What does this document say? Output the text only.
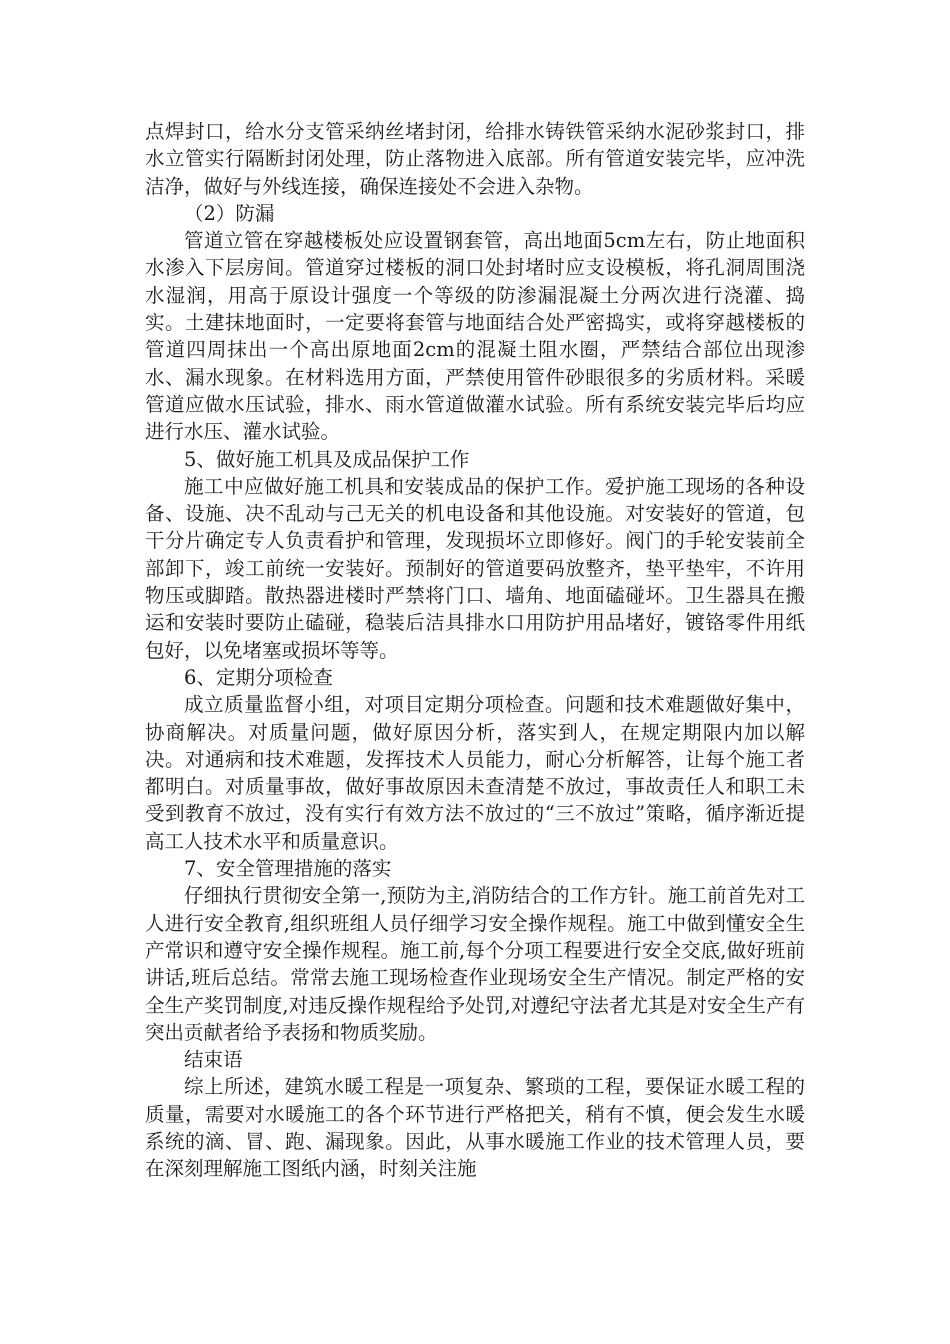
点焊封口，给水分支管采纳丝堵封闭，给排水铸铁管采纳水泥砂浆封口，排水立管实行隔断封闭处理，防止落物进入底部。所有管道安装完毕，应冲洗洁净，做好与外线连接，确保连接处不会进入杂物。

（2）防漏

管道立管在穿越楼板处应设置钢套管，高出地面5cm左右，防止地面积水渗入下层房间。管道穿过楼板的洞口处封堵时应支设模板，将孔洞周围浇水湿润，用高于原设计强度一个等级的防渗漏混凝土分两次进行浇灌、捣实。土建抹地面时，一定要将套管与地面结合处严密捣实，或将穿越楼板的管道四周抹出一个高出原地面2cm的混凝土阻水圈，严禁结合部位出现渗水、漏水现象。在材料选用方面，严禁使用管件砂眼很多的劣质材料。采暖管道应做水压试验，排水、雨水管道做灌水试验。所有系统安装完毕后均应进行水压、灌水试验。

5、做好施工机具及成品保护工作

施工中应做好施工机具和安装成品的保护工作。爱护施工现场的各种设备、设施、决不乱动与己无关的机电设备和其他设施。对安装好的管道，包干分片确定专人负责看护和管理，发现损坏立即修好。阀门的手轮安装前全部卸下，竣工前统一安装好。预制好的管道要码放整齐，垫平垫牢，不许用物压或脚踏。散热器进楼时严禁将门口、墙角、地面磕碰坏。卫生器具在搬运和安装时要防止磕碰，稳装后洁具排水口用防护用品堵好，镀铬零件用纸包好，以免堵塞或损坏等等。

6、定期分项检查

成立质量监督小组，对项目定期分项检查。问题和技术难题做好集中，协商解决。对质量问题，做好原因分析，落实到人，在规定期限内加以解决。对通病和技术难题，发挥技术人员能力，耐心分析解答，让每个施工者都明白。对质量事故，做好事故原因未查清楚不放过，事故责任人和职工未受到教育不放过，没有实行有效方法不放过的“三不放过”策略，循序渐近提高工人技术水平和质量意识。

7、安全管理措施的落实

仔细执行贯彻安全第一,预防为主,消防结合的工作方针。施工前首先对工人进行安全教育,组织班组人员仔细学习安全操作规程。施工中做到懂安全生产常识和遵守安全操作规程。施工前,每个分项工程要进行安全交底,做好班前讲话,班后总结。常常去施工现场检查作业现场安全生产情况。制定严格的安全生产奖罚制度,对违反操作规程给予处罚,对遵纪守法者尤其是对安全生产有突出贡献者给予表扬和物质奖励。

结束语

综上所述，建筑水暖工程是一项复杂、繁琐的工程，要保证水暖工程的质量，需要对水暖施工的各个环节进行严格把关，稍有不慎，便会发生水暖系统的滴、冒、跑、漏现象。因此，从事水暖施工作业的技术管理人员，要在深刻理解施工图纸内涵，时刻关注施
